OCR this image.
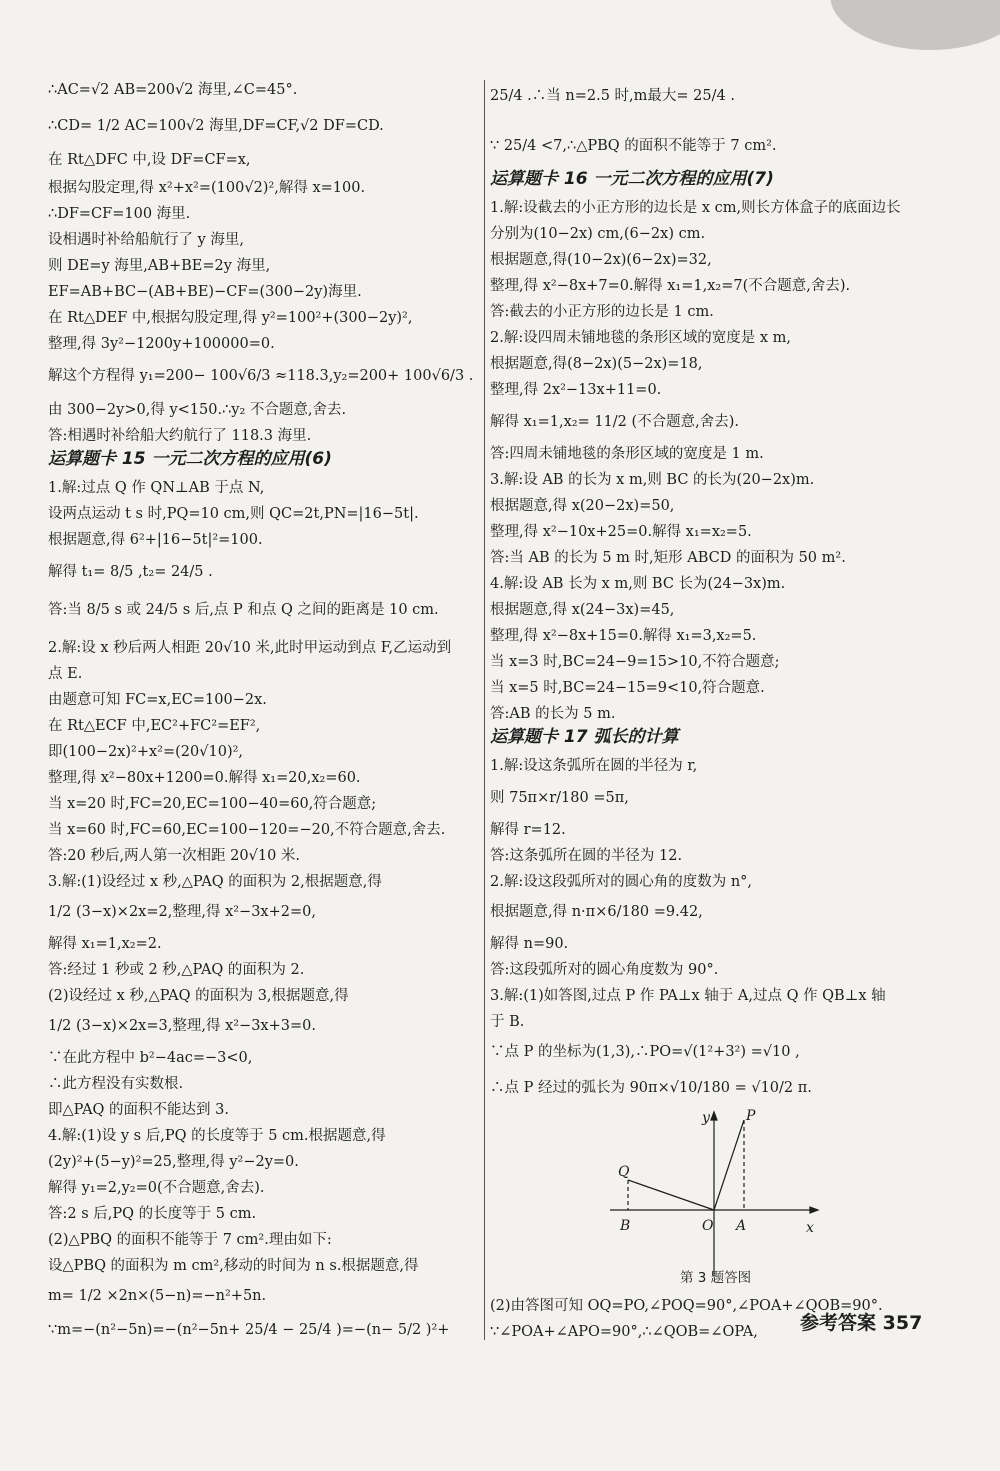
∴AC=√2 AB=200√2 海里,∠C=45°.
∴CD= 1/2 AC=100√2 海里,DF=CF,√2 DF=CD.
在 Rt△DFC 中,设 DF=CF=x,
根据勾股定理,得 x²+x²=(100√2)²,解得 x=100.
∴DF=CF=100 海里.
设相遇时补给船航行了 y 海里,
则 DE=y 海里,AB+BE=2y 海里,
EF=AB+BC−(AB+BE)−CF=(300−2y)海里.
在 Rt△DEF 中,根据勾股定理,得 y²=100²+(300−2y)²,
整理,得 3y²−1200y+100000=0.
解这个方程得 y₁=200− 100√6/3 ≈118.3,y₂=200+ 100√6/3 .
由 300−2y>0,得 y<150.∴y₂ 不合题意,舍去.
答:相遇时补给船大约航行了 118.3 海里.
1.解:过点 Q 作 QN⊥AB 于点 N,
设两点运动 t s 时,PQ=10 cm,则 QC=2t,PN=|16−5t|.
根据题意,得 6²+|16−5t|²=100.
解得 t₁= 8/5 ,t₂= 24/5 .
答:当 8/5 s 或 24/5 s 后,点 P 和点 Q 之间的距离是 10 cm.
2.解:设 x 秒后两人相距 20√10 米,此时甲运动到点 F,乙运动到
点 E.
由题意可知 FC=x,EC=100−2x.
在 Rt△ECF 中,EC²+FC²=EF²,
即(100−2x)²+x²=(20√10)²,
整理,得 x²−80x+1200=0.解得 x₁=20,x₂=60.
当 x=20 时,FC=20,EC=100−40=60,符合题意;
当 x=60 时,FC=60,EC=100−120=−20,不符合题意,舍去.
答:20 秒后,两人第一次相距 20√10 米.
3.解:(1)设经过 x 秒,△PAQ 的面积为 2,根据题意,得
1/2 (3−x)×2x=2,整理,得 x²−3x+2=0,
解得 x₁=1,x₂=2.
答:经过 1 秒或 2 秒,△PAQ 的面积为 2.
(2)设经过 x 秒,△PAQ 的面积为 3,根据题意,得
1/2 (3−x)×2x=3,整理,得 x²−3x+3=0.
∵在此方程中 b²−4ac=−3<0,
∴此方程没有实数根.
即△PAQ 的面积不能达到 3.
4.解:(1)设 y s 后,PQ 的长度等于 5 cm.根据题意,得
(2y)²+(5−y)²=25,整理,得 y²−2y=0.
解得 y₁=2,y₂=0(不合题意,舍去).
答:2 s 后,PQ 的长度等于 5 cm.
(2)△PBQ 的面积不能等于 7 cm².理由如下:
设△PBQ 的面积为 m cm²,移动的时间为 n s.根据题意,得
m= 1/2 ×2n×(5−n)=−n²+5n.
∵m=−(n²−5n)=−(n²−5n+ 25/4 − 25/4 )=−(n− 5/2 )²+
运算题卡 15 一元二次方程的应用(6)
25/4 .∴当 n=2.5 时,m最大= 25/4 .
∵ 25/4 <7,∴△PBQ 的面积不能等于 7 cm².
1.解:设截去的小正方形的边长是 x cm,则长方体盒子的底面边长
分别为(10−2x) cm,(6−2x) cm.
根据题意,得(10−2x)(6−2x)=32,
整理,得 x²−8x+7=0.解得 x₁=1,x₂=7(不合题意,舍去).
答:截去的小正方形的边长是 1 cm.
2.解:设四周未铺地毯的条形区域的宽度是 x m,
根据题意,得(8−2x)(5−2x)=18,
整理,得 2x²−13x+11=0.
解得 x₁=1,x₂= 11/2 (不合题意,舍去).
答:四周未铺地毯的条形区域的宽度是 1 m.
3.解:设 AB 的长为 x m,则 BC 的长为(20−2x)m.
根据题意,得 x(20−2x)=50,
整理,得 x²−10x+25=0.解得 x₁=x₂=5.
答:当 AB 的长为 5 m 时,矩形 ABCD 的面积为 50 m².
4.解:设 AB 长为 x m,则 BC 长为(24−3x)m.
根据题意,得 x(24−3x)=45,
整理,得 x²−8x+15=0.解得 x₁=3,x₂=5.
当 x=3 时,BC=24−9=15>10,不符合题意;
当 x=5 时,BC=24−15=9<10,符合题意.
答:AB 的长为 5 m.
1.解:设这条弧所在圆的半径为 r,
则 75π×r/180 =5π,
解得 r=12.
答:这条弧所在圆的半径为 12.
2.解:设这段弧所对的圆心角的度数为 n°,
根据题意,得 n·π×6/180 =9.42,
解得 n=90.
答:这段弧所对的圆心角度数为 90°.
3.解:(1)如答图,过点 P 作 PA⊥x 轴于 A,过点 Q 作 QB⊥x 轴
于 B.
∵点 P 的坐标为(1,3),∴PO=√(1²+3²) =√10 ,
∴点 P 经过的弧长为 90π×√10/180 = √10/2 π.
(2)由答图可知 OQ=PO,∠POQ=90°,∠POA+∠QOB=90°.
∵∠POA+∠APO=90°,∴∠QOB=∠OPA,
运算题卡 16 一元二次方程的应用(7)
运算题卡 17 弧长的计算
y
x
O
P
A
Q
B
第 3 题答图
参考答案 357
